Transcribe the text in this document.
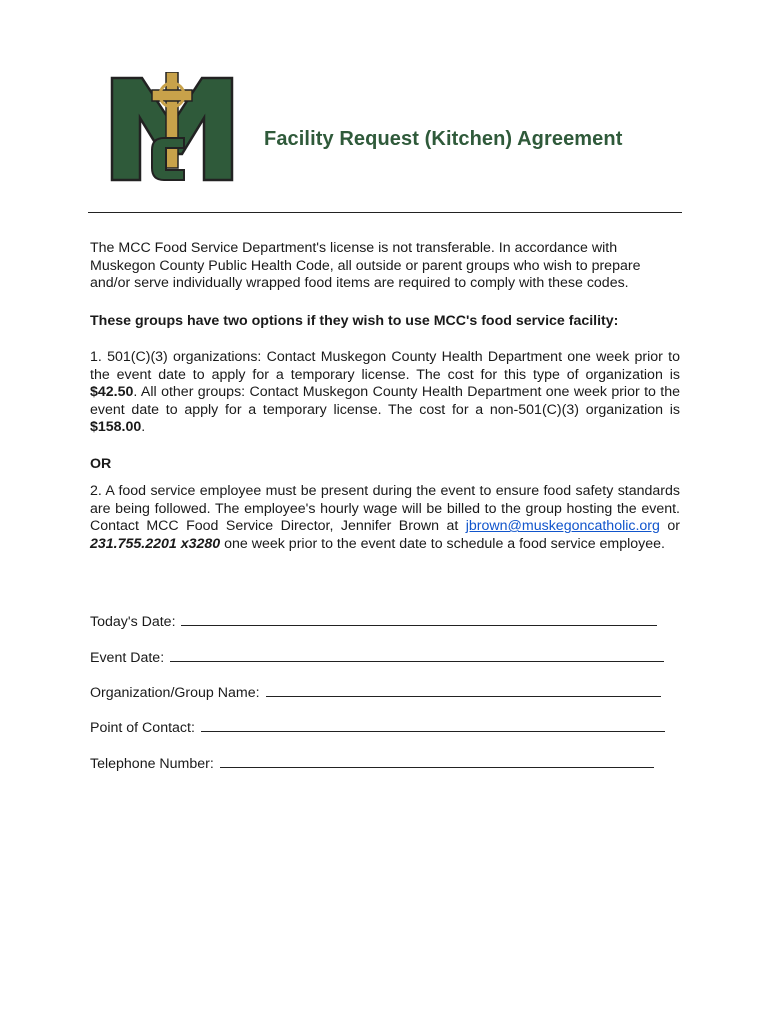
Facility Request (Kitchen) Agreement
The MCC Food Service Department's license is not transferable. In accordance with Muskegon County Public Health Code, all outside or parent groups who wish to prepare and/or serve individually wrapped food items are required to comply with these codes.
These groups have two options if they wish to use MCC's food service facility:
1. 501(C)(3) organizations: Contact Muskegon County Health Department one week prior to the event date to apply for a temporary license. The cost for this type of organization is $42.50. All other groups: Contact Muskegon County Health Department one week prior to the event date to apply for a temporary license. The cost for a non-501(C)(3) organization is $158.00.
OR
2. A food service employee must be present during the event to ensure food safety standards are being followed. The employee's hourly wage will be billed to the group hosting the event. Contact MCC Food Service Director, Jennifer Brown at jbrown@muskegoncatholic.org or 231.755.2201 x3280 one week prior to the event date to schedule a food service employee.
Today's Date:
Event Date:
Organization/Group Name:
Point of Contact:
Telephone Number:
